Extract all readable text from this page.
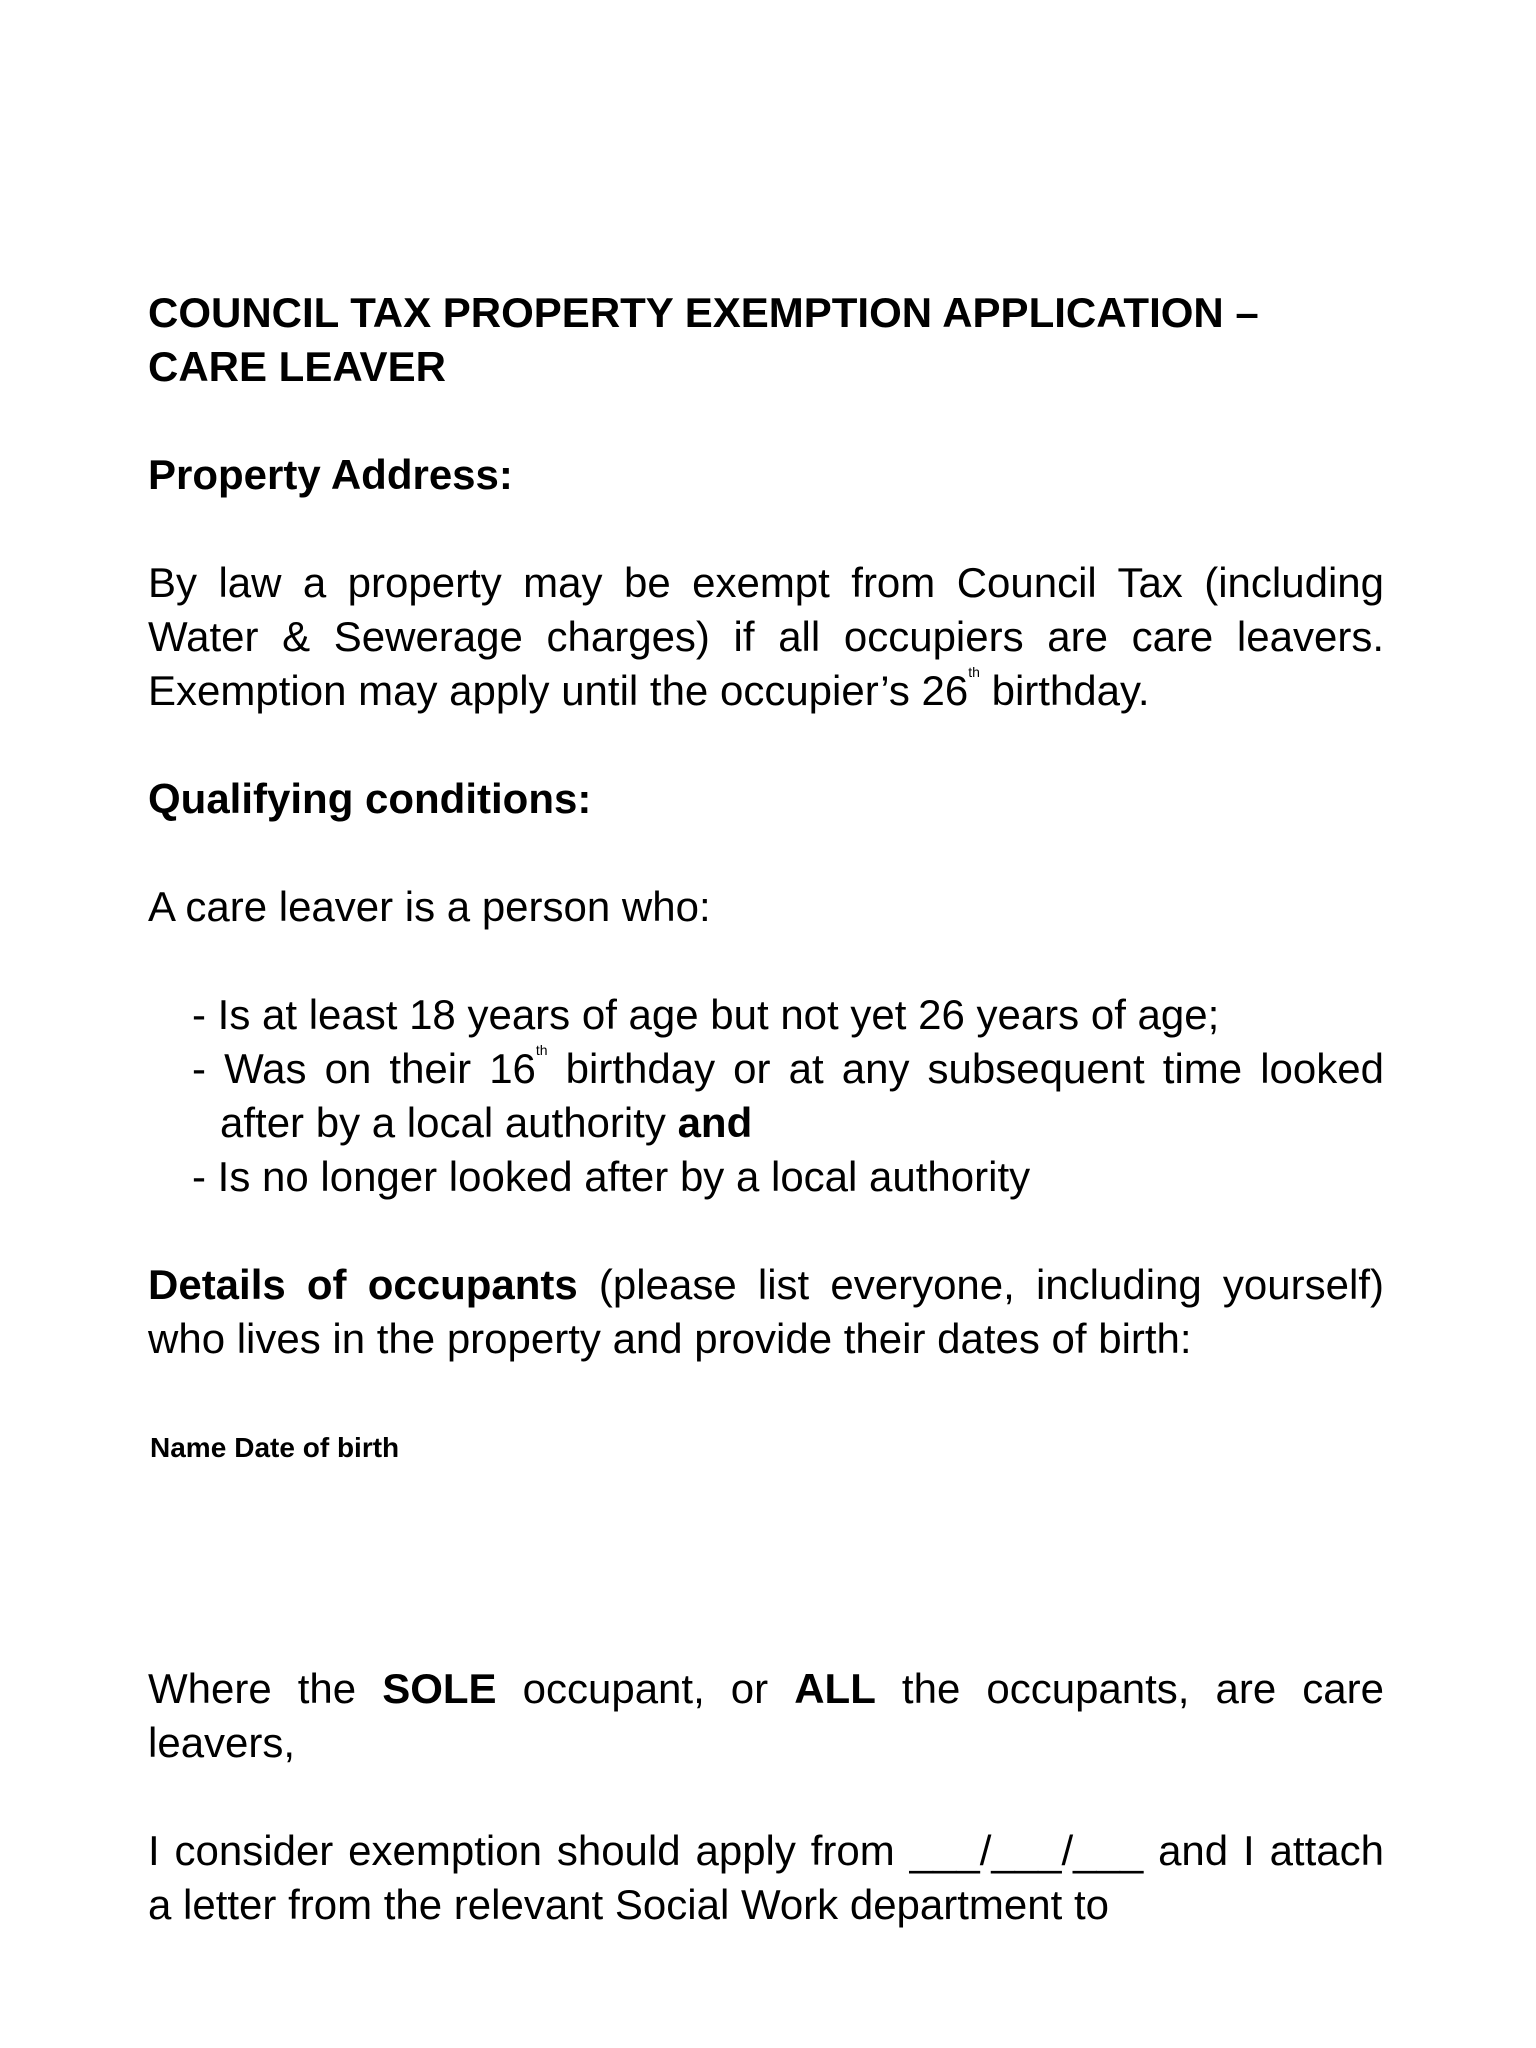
COUNCIL TAX PROPERTY EXEMPTION APPLICATION –

CARE LEAVER

Property Address:

By law a property may be exempt from Council Tax (including Water & Sewerage charges) if all occupiers are care leavers. Exemption may apply until the occupier’s 26th birthday.

Qualifying conditions:

A care leaver is a person who:

- Is at least 18 years of age but not yet 26 years of age;
- Was on their 16th birthday or at any subsequent time looked after by a local authority and
- Is no longer looked after by a local authority

Details of occupants (please list everyone, including yourself) who lives in the property and provide their dates of birth:

Name Date of birth

Where the SOLE occupant, or ALL the occupants, are care leavers,

I consider exemption should apply from ___/___/___ and I attach a letter from the relevant Social Work department to
